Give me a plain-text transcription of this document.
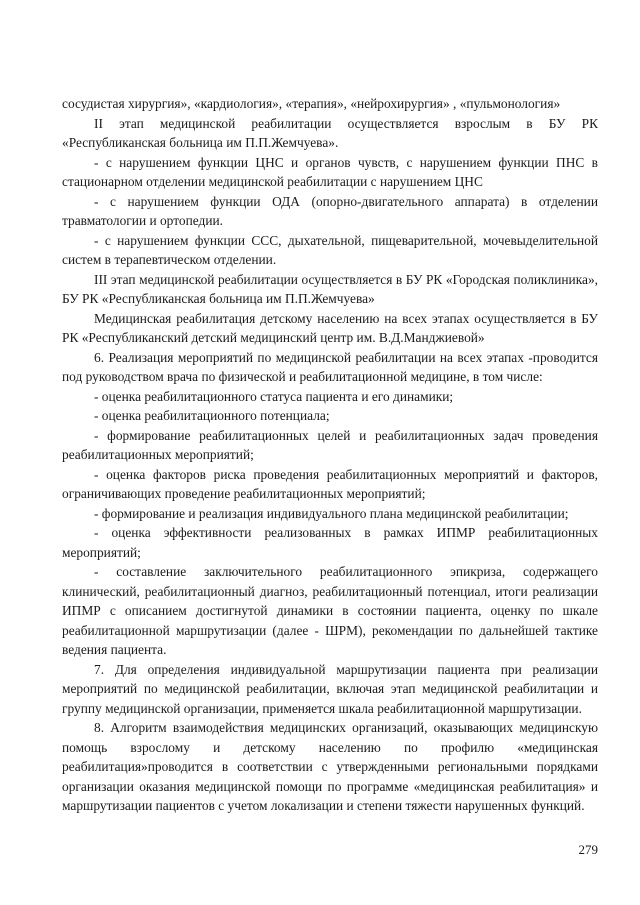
сосудистая хирургия», «кардиология», «терапия», «нейрохирургия» , «пульмонология»

II этап медицинской реабилитации осуществляется взрослым в БУ РК «Республиканская больница им П.П.Жемчуева».

- с нарушением функции ЦНС и органов чувств, с нарушением функции ПНС в стационарном отделении медицинской реабилитации с нарушением ЦНС

- с нарушением функции ОДА (опорно-двигательного аппарата) в отделении травматологии и ортопедии.

- с нарушением функции ССС, дыхательной, пищеварительной, мочевыделительной систем в терапевтическом отделении.

III этап медицинской реабилитации осуществляется в БУ РК «Городская поликлиника», БУ РК «Республиканская больница им П.П.Жемчуева»

Медицинская реабилитация детскому населению на всех этапах осуществляется в БУ РК «Республиканский детский медицинский центр им. В.Д.Манджиевой»

6. Реализация мероприятий по медицинской реабилитации на всех этапах -проводится под руководством врача по физической и реабилитационной медицине, в том числе:

- оценка реабилитационного статуса пациента и его динамики;

- оценка реабилитационного потенциала;

- формирование реабилитационных целей и реабилитационных задач проведения реабилитационных мероприятий;

- оценка факторов риска проведения реабилитационных мероприятий и факторов, ограничивающих проведение реабилитационных мероприятий;

- формирование и реализация индивидуального плана медицинской реабилитации;

- оценка эффективности реализованных в рамках ИПМР реабилитационных мероприятий;

- составление заключительного реабилитационного эпикриза, содержащего клинический, реабилитационный диагноз, реабилитационный потенциал, итоги реализации ИПМР с описанием достигнутой динамики в состоянии пациента, оценку по шкале реабилитационной маршрутизации (далее - ШРМ), рекомендации по дальнейшей тактике ведения пациента.

7. Для определения индивидуальной маршрутизации пациента при реализации мероприятий по медицинской реабилитации, включая этап медицинской реабилитации и группу медицинской организации, применяется шкала реабилитационной маршрутизации.

8. Алгоритм взаимодействия медицинских организаций, оказывающих медицинскую помощь взрослому и детскому населению по профилю «медицинская реабилитация»проводится в соответствии с утвержденными региональными порядками организации оказания медицинской помощи по программе «медицинская реабилитация» и маршрутизации пациентов с учетом локализации и степени тяжести нарушенных функций.

279
